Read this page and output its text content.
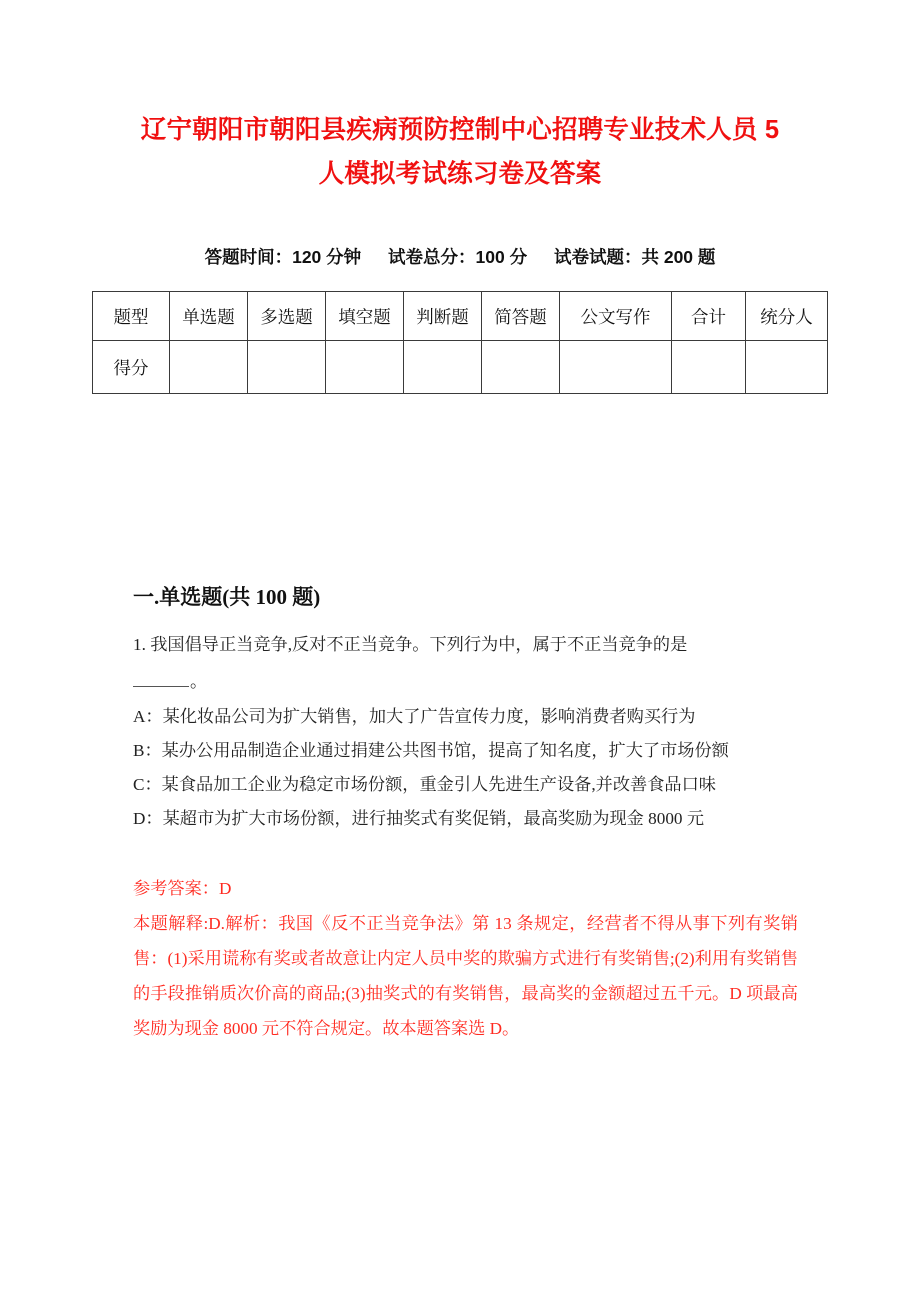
辽宁朝阳市朝阳县疾病预防控制中心招聘专业技术人员 5 人模拟考试练习卷及答案
答题时间：120 分钟 试卷总分：100 分 试卷试题：共 200 题
题型	单选题	多选题	填空题	判断题	简答题	公文写作	合计	统分人
得分								
一.单选题(共 100 题)

1. 我国倡导正当竞争,反对不正当竞争。下列行为中，属于不正当竞争的是

。

A：某化妆品公司为扩大销售，加大了广告宣传力度，影响消费者购买行为

B：某办公用品制造企业通过捐建公共图书馆，提高了知名度，扩大了市场份额

C：某食品加工企业为稳定市场份额，重金引人先进生产设备,并改善食品口味

D：某超市为扩大市场份额，进行抽奖式有奖促销，最高奖励为现金 8000 元

参考答案：D

本题解释:D.解析：我国《反不正当竞争法》第 13 条规定，经营者不得从事下列有奖销售：(1)采用谎称有奖或者故意让内定人员中奖的欺骗方式进行有奖销售;(2)利用有奖销售的手段推销质次价高的商品;(3)抽奖式的有奖销售，最高奖的金额超过五千元。D 项最高奖励为现金 8000 元不符合规定。故本题答案选 D。
